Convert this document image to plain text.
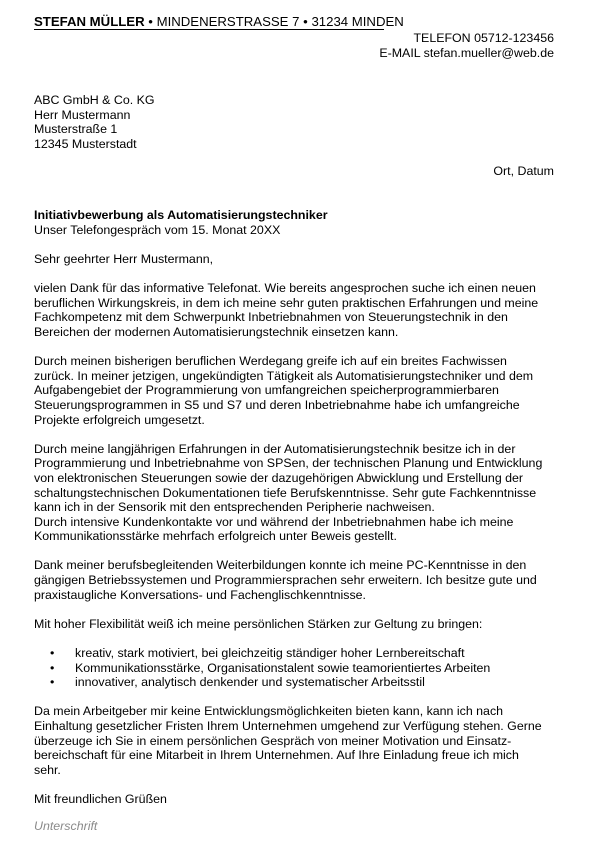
STEFAN MÜLLER • MINDENERSTRASSE 7 • 31234 MINDEN
TELEFON 05712-123456
E-MAIL stefan.mueller@web.de
ABC GmbH & Co. KG
Herr Mustermann
Musterstraße 1
12345 Musterstadt
Ort, Datum
Initiativbewerbung als Automatisierungstechniker
Unser Telefongespräch vom 15. Monat 20XX

Sehr geehrter Herr Mustermann,

vielen Dank für das informative Telefonat. Wie bereits angesprochen suche ich einen neuen
beruflichen Wirkungskreis, in dem ich meine sehr guten praktischen Erfahrungen und meine
Fachkompetenz mit dem Schwerpunkt Inbetriebnahmen von Steuerungstechnik in den
Bereichen der modernen Automatisierungstechnik einsetzen kann.

Durch meinen bisherigen beruflichen Werdegang greife ich auf ein breites Fachwissen
zurück. In meiner jetzigen, ungekündigten Tätigkeit als Automatisierungstechniker und dem
Aufgabengebiet der Programmierung von umfangreichen speicherprogrammierbaren
Steuerungsprogrammen in S5 und S7 und deren Inbetriebnahme habe ich umfangreiche
Projekte erfolgreich umgesetzt.

Durch meine langjährigen Erfahrungen in der Automatisierungstechnik besitze ich in der
Programmierung und Inbetriebnahme von SPSen, der technischen Planung und Entwicklung
von elektronischen Steuerungen sowie der dazugehörigen Abwicklung und Erstellung der
schaltungstechnischen Dokumentationen tiefe Berufskenntnisse. Sehr gute Fachkenntnisse
kann ich in der Sensorik mit den entsprechenden Peripherie nachweisen.
Durch intensive Kundenkontakte vor und während der Inbetriebnahmen habe ich meine
Kommunikationsstärke mehrfach erfolgreich unter Beweis gestellt.

Dank meiner berufsbegleitenden Weiterbildungen konnte ich meine PC-Kenntnisse in den
gängigen Betriebssystemen und Programmiersprachen sehr erweitern. Ich besitze gute und
praxistaugliche Konversations- und Fachenglischkenntnisse.

Mit hoher Flexibilität weiß ich meine persönlichen Stärken zur Geltung zu bringen:

• kreativ, stark motiviert, bei gleichzeitig ständiger hoher Lernbereitschaft
• Kommunikationsstärke, Organisationstalent sowie teamorientiertes Arbeiten
• innovativer, analytisch denkender und systematischer Arbeitsstil

Da mein Arbeitgeber mir keine Entwicklungsmöglichkeiten bieten kann, kann ich nach
Einhaltung gesetzlicher Fristen Ihrem Unternehmen umgehend zur Verfügung stehen. Gerne
überzeuge ich Sie in einem persönlichen Gespräch von meiner Motivation und Einsatz-
bereichschaft für eine Mitarbeit in Ihrem Unternehmen. Auf Ihre Einladung freue ich mich
sehr.

Mit freundlichen Grüßen

Unterschrift
